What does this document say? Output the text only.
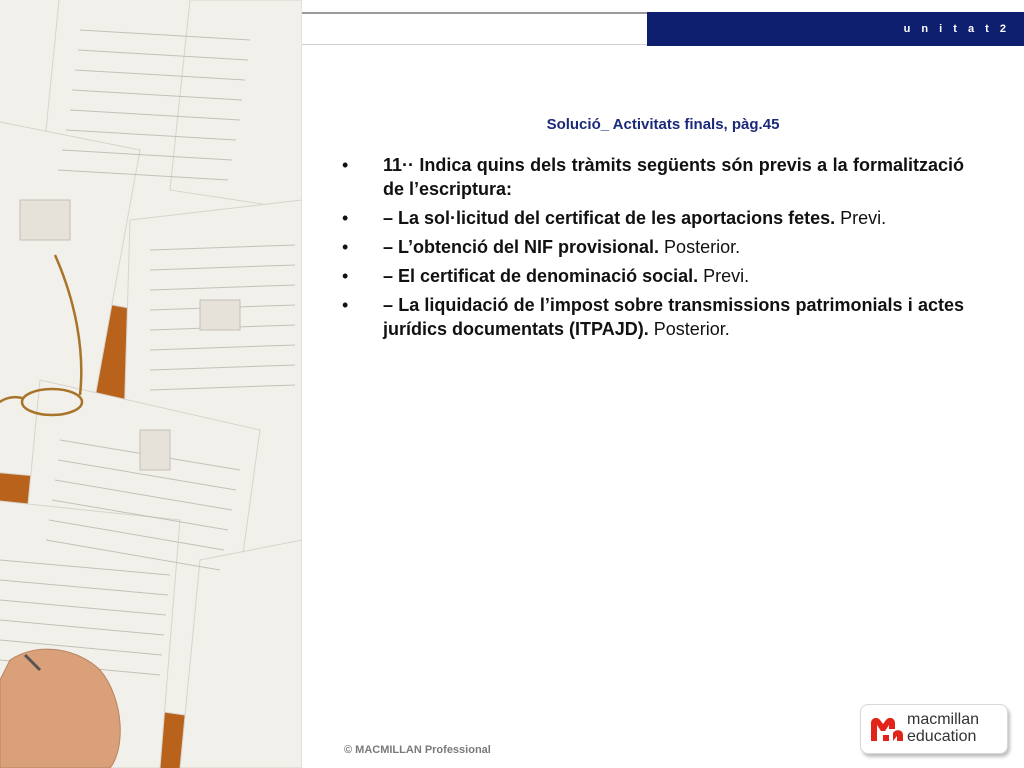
u n i t a t 2
Solució_ Activitats finals, pàg.45
• 11·· Indica quins dels tràmits següents són previs a la formalització de l’escriptura:
• – La sol·licitud del certificat de les aportacions fetes. Previ.
• – L’obtenció del NIF provisional. Posterior.
• – El certificat de denominació social. Previ.
• – La liquidació de l’impost sobre transmissions patrimonials i actes jurídics documentats (ITPAJD). Posterior.
© MACMILLAN Professional
macmillan
education
